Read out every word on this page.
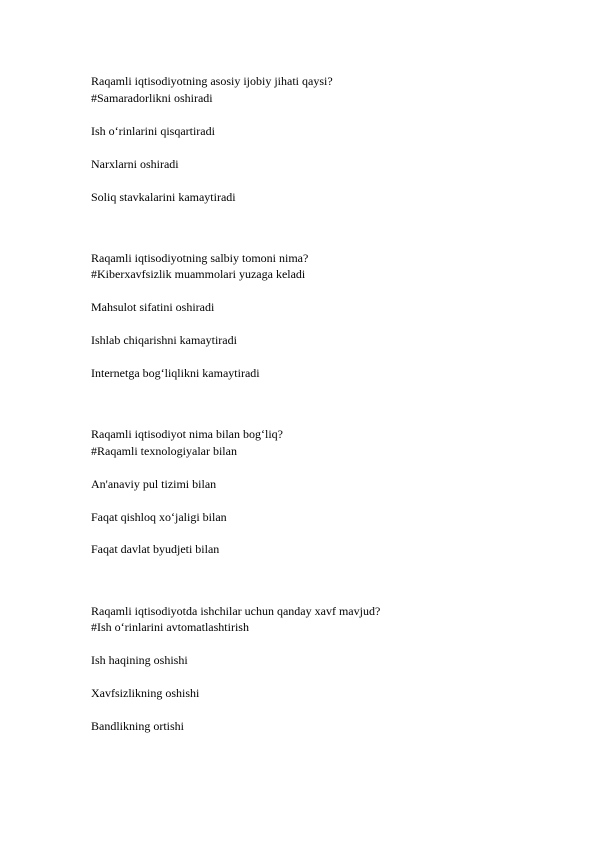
Raqamli iqtisodiyotning asosiy ijobiy jihati qaysi?
#Samaradorlikni oshiradi
Ish o‘rinlarini qisqartiradi
Narxlarni oshiradi
Soliq stavkalarini kamaytiradi
Raqamli iqtisodiyotning salbiy tomoni nima?
#Kiberxavfsizlik muammolari yuzaga keladi
Mahsulot sifatini oshiradi
Ishlab chiqarishni kamaytiradi
Internetga bog‘liqlikni kamaytiradi
Raqamli iqtisodiyot nima bilan bog‘liq?
#Raqamli texnologiyalar bilan
An'anaviy pul tizimi bilan
Faqat qishloq xo‘jaligi bilan
Faqat davlat byudjeti bilan
Raqamli iqtisodiyotda ishchilar uchun qanday xavf mavjud?
#Ish o‘rinlarini avtomatlashtirish
Ish haqining oshishi
Xavfsizlikning oshishi
Bandlikning ortishi
